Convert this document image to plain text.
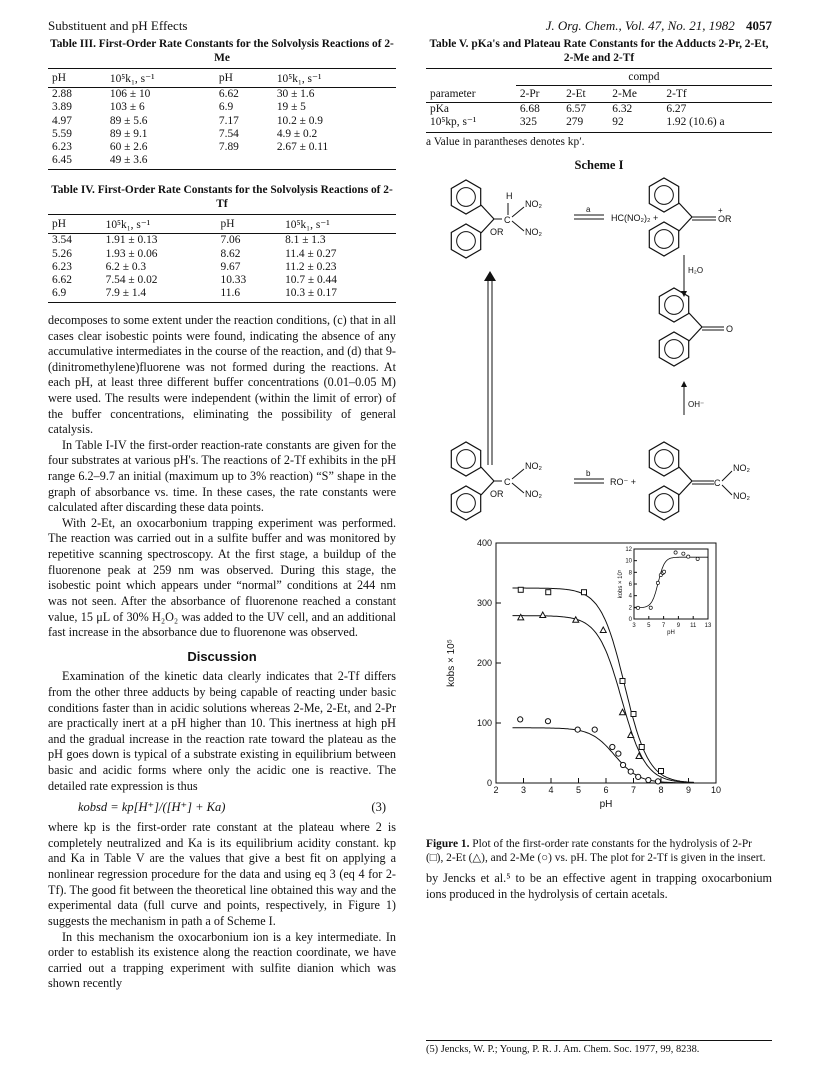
Substituent and pH Effects	J. Org. Chem., Vol. 47, No. 21, 1982 4057
Table III. First-Order Rate Constants for the Solvolysis Reactions of 2-Me
pH	10⁵k₁, s⁻¹	pH	10⁵k₁, s⁻¹
2.88	106 ± 10	6.62	30 ± 1.6
3.89	103 ± 6	6.9	19 ± 5
4.97	89 ± 5.6	7.17	10.2 ± 0.9
5.59	89 ± 9.1	7.54	4.9 ± 0.2
6.23	60 ± 2.6	7.89	2.67 ± 0.11
6.45	49 ± 3.6		
Table IV. First-Order Rate Constants for the Solvolysis Reactions of 2-Tf
pH	10⁵k₁, s⁻¹	pH	10⁵k₁, s⁻¹
3.54	1.91 ± 0.13	7.06	8.1 ± 1.3
5.26	1.93 ± 0.06	8.62	11.4 ± 0.27
6.23	6.2 ± 0.3	9.67	11.2 ± 0.23
6.62	7.54 ± 0.02	10.33	10.7 ± 0.44
6.9	7.9 ± 1.4	11.6	10.3 ± 0.17

decomposes to some extent under the reaction conditions, (c) that in all cases clear isobestic points were found, indicating the absence of any accumulative intermediates in the course of the reaction, and (d) that 9-(dinitromethylene)fluorene was not formed during the reactions. At each pH, at least three different buffer concentrations (0.01–0.05 M) were used. The results were independent (within the limit of error) of the buffer concentrations, eliminating the possibility of general catalysis.

In Table I-IV the first-order reaction-rate constants are given for the four substrates at various pH's. The reactions of 2-Tf exhibits in the pH range 6.2–9.7 an initial (maximum up to 3% reaction) “S” shape in the graph of absorbance vs. time. In these cases, the rate constants were calculated after discarding these data points.

With 2-Et, an oxocarbonium trapping experiment was performed. The reaction was carried out in a sulfite buffer and was monitored by repetitive scanning spectroscopy. At the first stage, a buildup of the fluorenone peak at 259 nm was observed. During this stage, the isobestic point which appears under “normal” conditions at 244 nm was not seen. After the absorbance of fluorenone reached a constant value, 15 μL of 30% H₂O₂ was added to the UV cell, and an additional fast increase in the absorbance due to fluorenone was observed.

Discussion

Examination of the kinetic data clearly indicates that 2-Tf differs from the other three adducts by being capable of reacting under basic conditions faster than in acidic solutions whereas 2-Me, 2-Et, and 2-Pr are practically inert at a pH higher than 10. This inertness at high pH and the gradual increase in the reaction rate toward the plateau as the pH goes down is typical of a substrate existing in equilibrium between basic and acidic forms where only the acidic one is reactive. The detailed rate expression is thus

kobsd = kp[H⁺]/([H⁺] + Ka)	(3)

where kp is the first-order rate constant at the plateau where 2 is completely neutralized and Ka is its equilibrium acidity constant. kp and Ka in Table V are the values that give a best fit on applying a nonlinear regression procedure for the data and using eq 3 (eq 4 for 2-Tf). The good fit between the theoretical line obtained this way and the experimental data (full curve and points, respectively, in Figure 1) suggests the mechanism in path a of Scheme I.

In this mechanism the oxocarbonium ion is a key intermediate. In order to establish its existence along the reaction coordinate, we have carried out a trapping experiment with sulfite dianion which was shown recently

Table V. pKa's and Plateau Rate Constants for the Adducts 2-Pr, 2-Et, 2-Me and 2-Tf
	compd			
parameter	2-Pr	2-Et	2-Me	2-Tf
pKa	6.68	6.57	6.32	6.27
10⁵kp, s⁻¹	325	279	92	1.92 (10.6) a
a Value in parantheses denotes kp′.
Scheme I
H
C
NO₂
NO₂
OR
a
HC(NO₂)₂ +	OR
+
H₂O
O
OH⁻
C
NO₂
NO₂
OR
b
RO⁻ +	C
NO₂
NO₂
2 3 4 5 6 7 8 9 10
0
100
200
300
400
pH
kobs × 10⁵
3 5 7 9 11 13
0
2
4
6
8
10
12
pH
kobs × 10⁵
Figure 1. Plot of the first-order rate constants for the hydrolysis of 2-Pr (□), 2-Et (△), and 2-Me (○) vs. pH. The plot for 2-Tf is given in the insert.

by Jencks et al.⁵ to be an effective agent in trapping oxocarbonium ions produced in the hydrolysis of certain acetals.

(5) Jencks, W. P.; Young, P. R. J. Am. Chem. Soc. 1977, 99, 8238.
